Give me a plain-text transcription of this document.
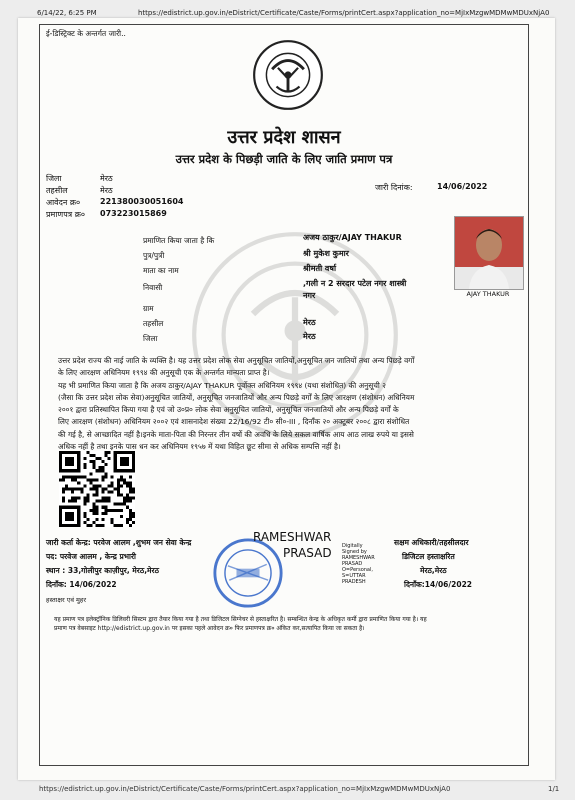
6/14/22, 6:25 PM	https://edistrict.up.gov.in/eDistrict/Certificate/Caste/Forms/printCert.aspx?application_no=MjIxMzgwMDMwMDUxNjA0
ई-डिस्ट्रिक्ट के अन्तर्गत जारी..
उत्तर प्रदेश शासन
उत्तर प्रदेश के पिछड़ी जाति के लिए जाति प्रमाण पत्र
जिला	मेरठ
तहसील	मेरठ
आवेदन क्र० 221380030051604
प्रमाणपत्र क्र० 073223015869
जारी दिनांक:	14/06/2022
प्रमाणित किया जाता है कि	अजय ठाकुर/AJAY THAKUR
पुत्र/पुत्री	श्री मुकेश कुमार
माता का नाम	श्रीमती वर्षा
निवासी	,गली न 2 सरदार पटेल नगर शास्त्री
नगर
ग्राम
तहसील	मेरठ
जिला	मेरठ
AJAY THAKUR

उत्तर प्रदेश राज्य की नाई जाति के व्यक्ति है। यह उत्तर प्रदेश लोक सेवा अनुसूचित जातियों,अनुसूचित जन जातियों तथा अन्य पिछड़े वर्गों

के लिए आरक्षण अधिनियम १९९४ की अनुसूची एक के अन्तर्गत मान्यता प्राप्त है।

यह भी प्रमाणित किया जाता है कि अजय ठाकुर/AJAY THAKUR पूर्वोक्त अधिनियम १९९४ (यथा संशोधित) की अनुसूची २

(जैसा कि उत्तर प्रदेश लोक सेवा)अनुसूचित जातियों, अनुसूचित जनजातियों और अन्य पिछड़े वर्गों के लिए आरक्षण (संशोधन) अधिनियम

२००१ द्वारा प्रतिस्थापित किया गया है एवं जो उ०प्र० लोक सेवा अनुसूचित जातियों, अनुसूचित जनजातियों और अन्य पिछड़े वर्गों के

लिए आरक्षण (संशोधन) अधिनियम २००२ एवं शासनादेश संख्या 22/16/92 टी० सी०-III , दिनाँक २० अक्टूबर २००८ द्वारा संशोधित

की गई है, से आच्छादित नहीं है।इनके माता-पिता की निरन्तर तीन वर्षो की अवधि के लिये सकल वार्षिक आय आठ लाख रुपये या इससे

अधिक नहीं है तथा इनके पास धन कर अधिनियम १९५७ में यथा विहित छूट सीमा से अधिक सम्पत्ति नहीं है।

जारी कर्ता केन्द्र: परवेज आलम ,शुभम जन सेवा केन्द्र
पद: परवेज आलम , केन्द्र प्रभारी
स्थान : 33,गोलीपुर काज़ीपुर, मेरठ,मेरठ
दिनाँक: 14/06/2022
हस्ताक्षर एवं मुहर
RAMESHWAR
PRASAD Digitally

Signed by

RAMESHWAR

PRASAD

O=Personal,

S=UTTAR

PRADESH

सक्षम अधिकारी/तहसीलदार
डिजिटल हस्ताक्षरित
मेरठ,मेरठ
दिनाँक:14/06/2022

यह प्रमाण पत्र इलेक्ट्रॉनिक डिलिवरी सिस्टम द्वारा तैयार किया गया है तथा डिजिटल सिग्नेचर से हस्ताक्षरित है। सम्बन्धित केन्द्र के अधिकृत कर्मी द्वारा प्रमाणित किया गया है। यह

प्रमाण पत्र वेबसाइट http://edistrict.up.gov.in पर इसका पहले आवेदन क्र० फिर प्रमाणपत्र क्र० अंकित कर,सत्यापित किया जा सकता है।

https://edistrict.up.gov.in/eDistrict/Certificate/Caste/Forms/printCert.aspx?application_no=MjIxMzgwMDMwMDUxNjA0	1/1
